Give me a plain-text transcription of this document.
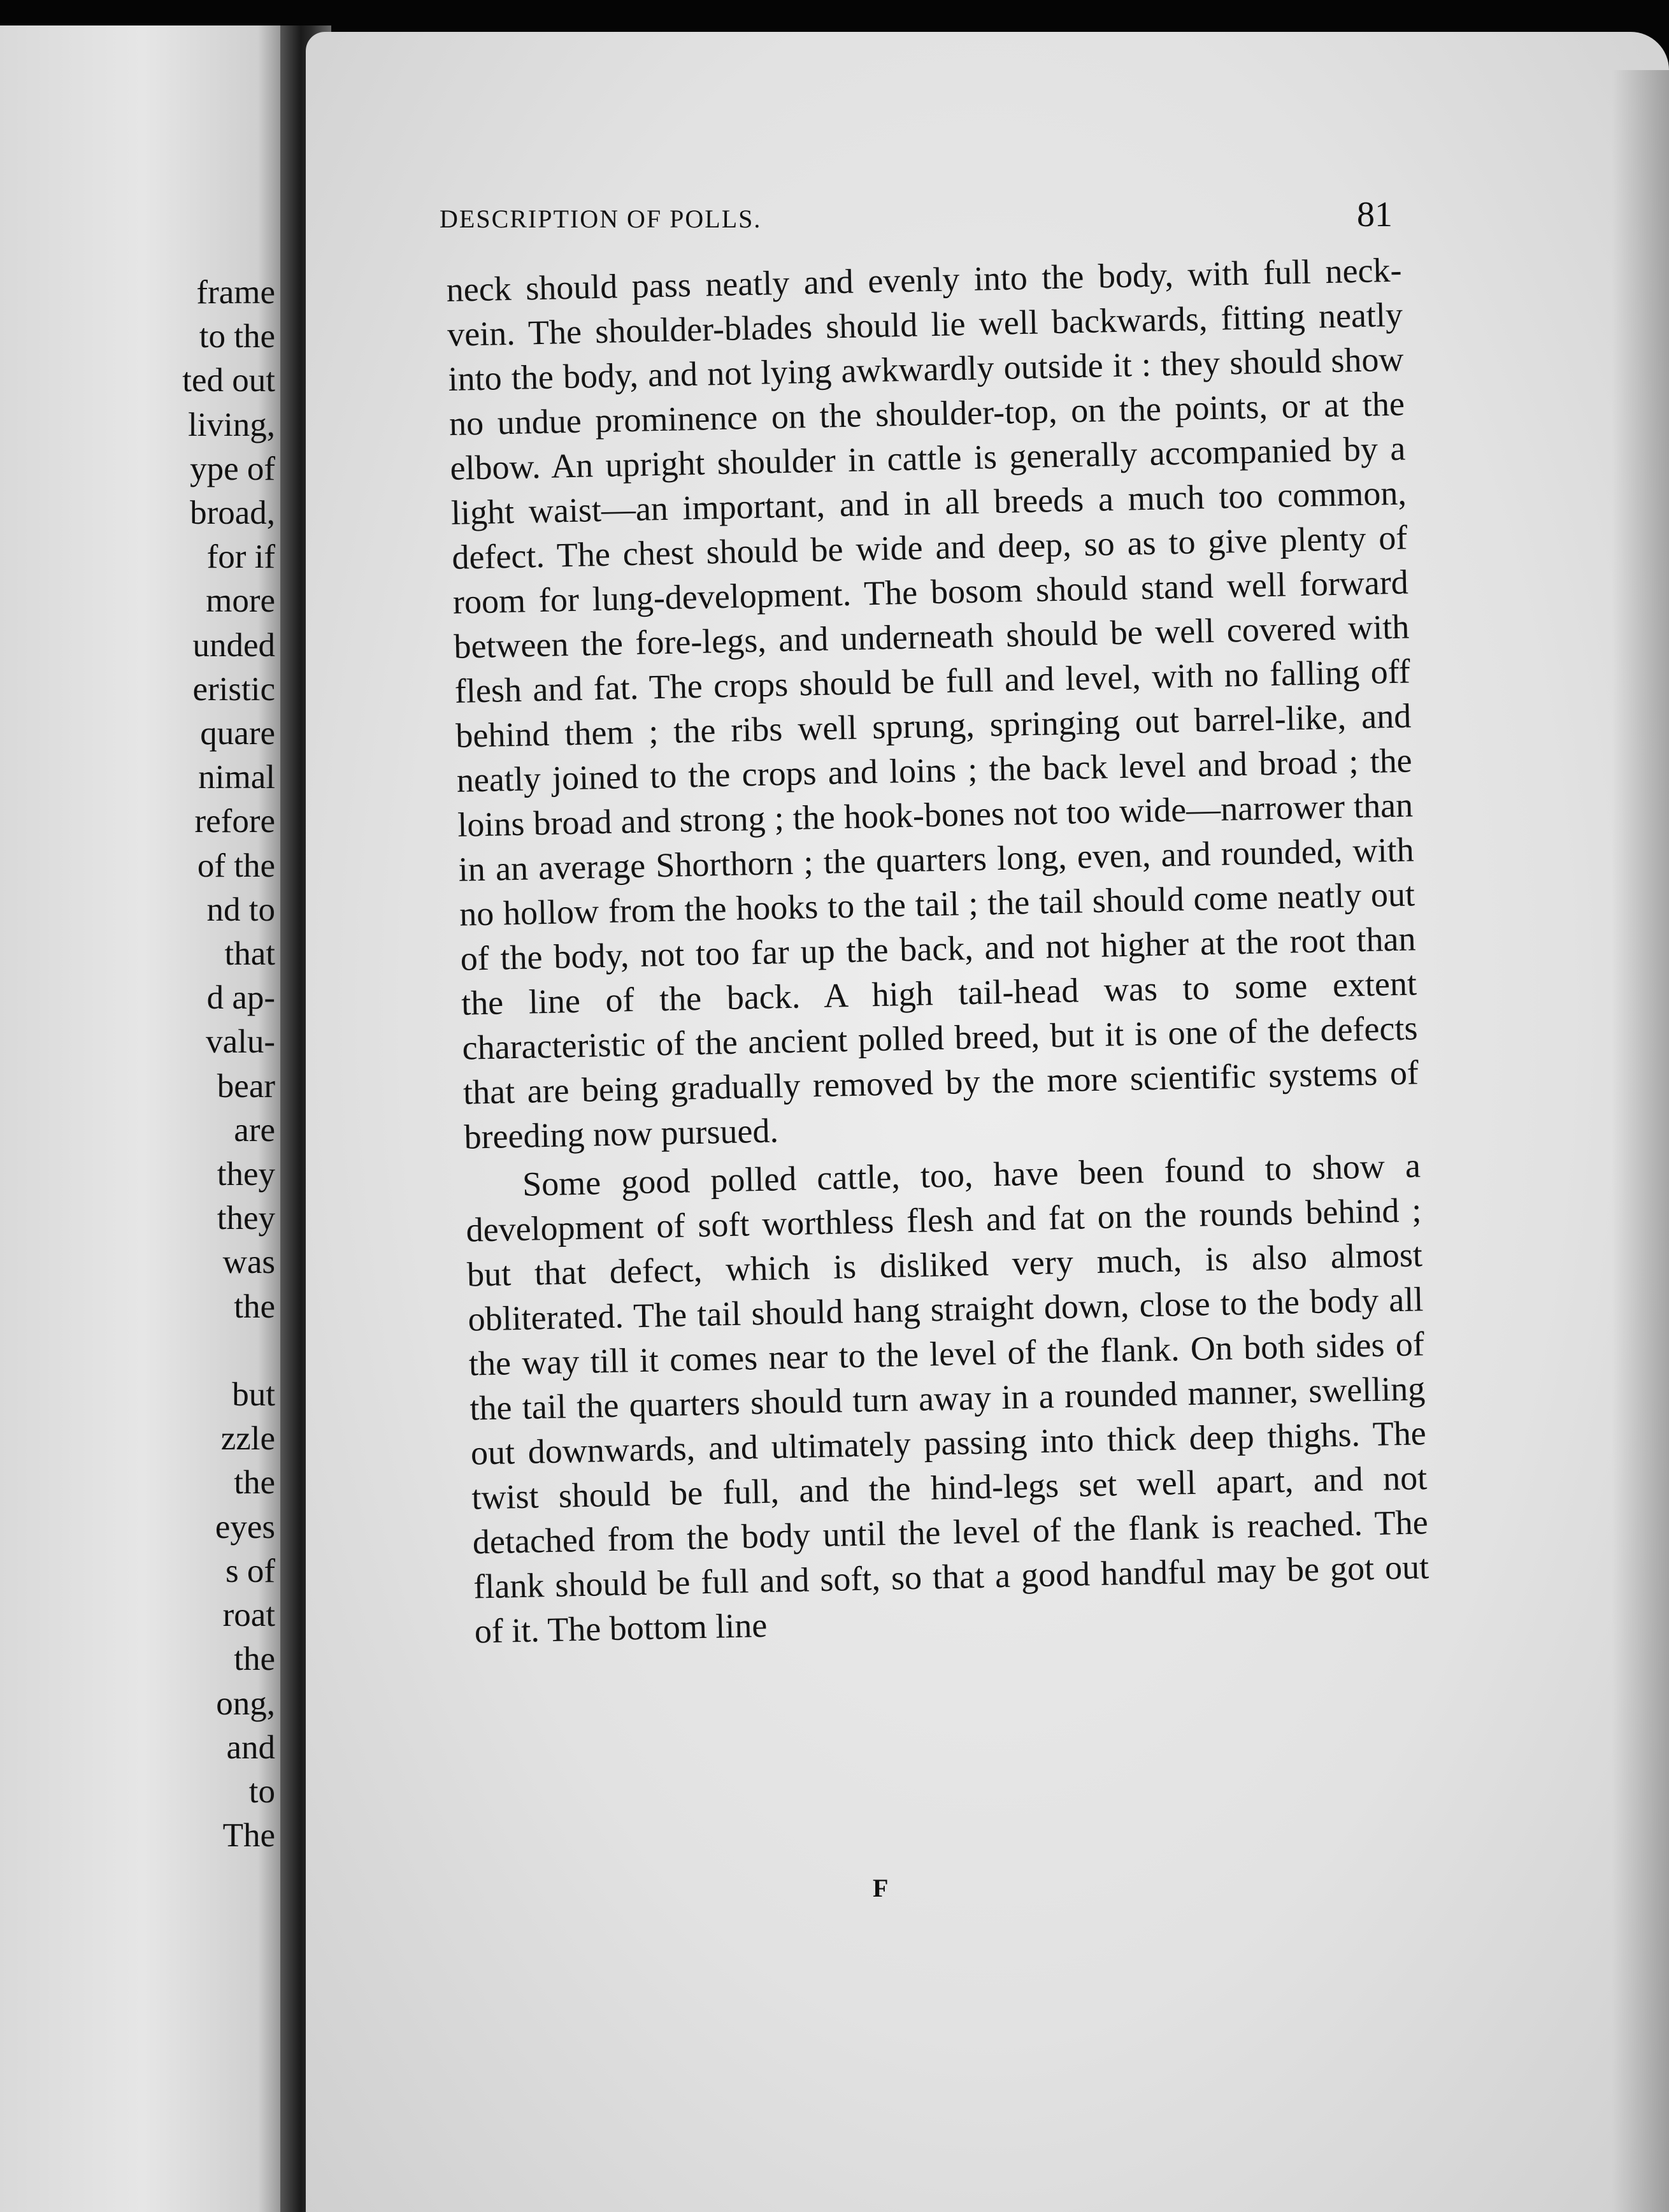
frame
to the
ted out
living,
ype of
broad,
for if
more
unded
eristic
quare
nimal
refore
of the
nd to
that
d ap-
valu-
bear
are
they
they
was
the

but
zzle
the
eyes
s of
roat
the
ong,
and
to
The
DESCRIPTION OF POLLS.	81

neck should pass neatly and evenly into the body, with full neck-vein. The shoulder-blades should lie well backwards, fitting neatly into the body, and not lying awkwardly outside it : they should show no undue prominence on the shoulder-top, on the points, or at the elbow. An upright shoulder in cattle is generally accompanied by a light waist—an important, and in all breeds a much too common, defect. The chest should be wide and deep, so as to give plenty of room for lung-development. The bosom should stand well forward between the fore-legs, and underneath should be well covered with flesh and fat. The crops should be full and level, with no falling off behind them ; the ribs well sprung, springing out barrel-like, and neatly joined to the crops and loins ; the back level and broad ; the loins broad and strong ; the hook-bones not too wide—narrower than in an average Shorthorn ; the quarters long, even, and rounded, with no hollow from the hooks to the tail ; the tail should come neatly out of the body, not too far up the back, and not higher at the root than the line of the back. A high tail-head was to some extent characteristic of the ancient polled breed, but it is one of the defects that are being gradually removed by the more scientific systems of breeding now pursued.

Some good polled cattle, too, have been found to show a development of soft worthless flesh and fat on the rounds behind ; but that defect, which is disliked very much, is also almost obliterated. The tail should hang straight down, close to the body all the way till it comes near to the level of the flank. On both sides of the tail the quarters should turn away in a rounded manner, swelling out downwards, and ultimately passing into thick deep thighs. The twist should be full, and the hind-legs set well apart, and not detached from the body until the level of the flank is reached. The flank should be full and soft, so that a good handful may be got out of it. The bottom line

F
